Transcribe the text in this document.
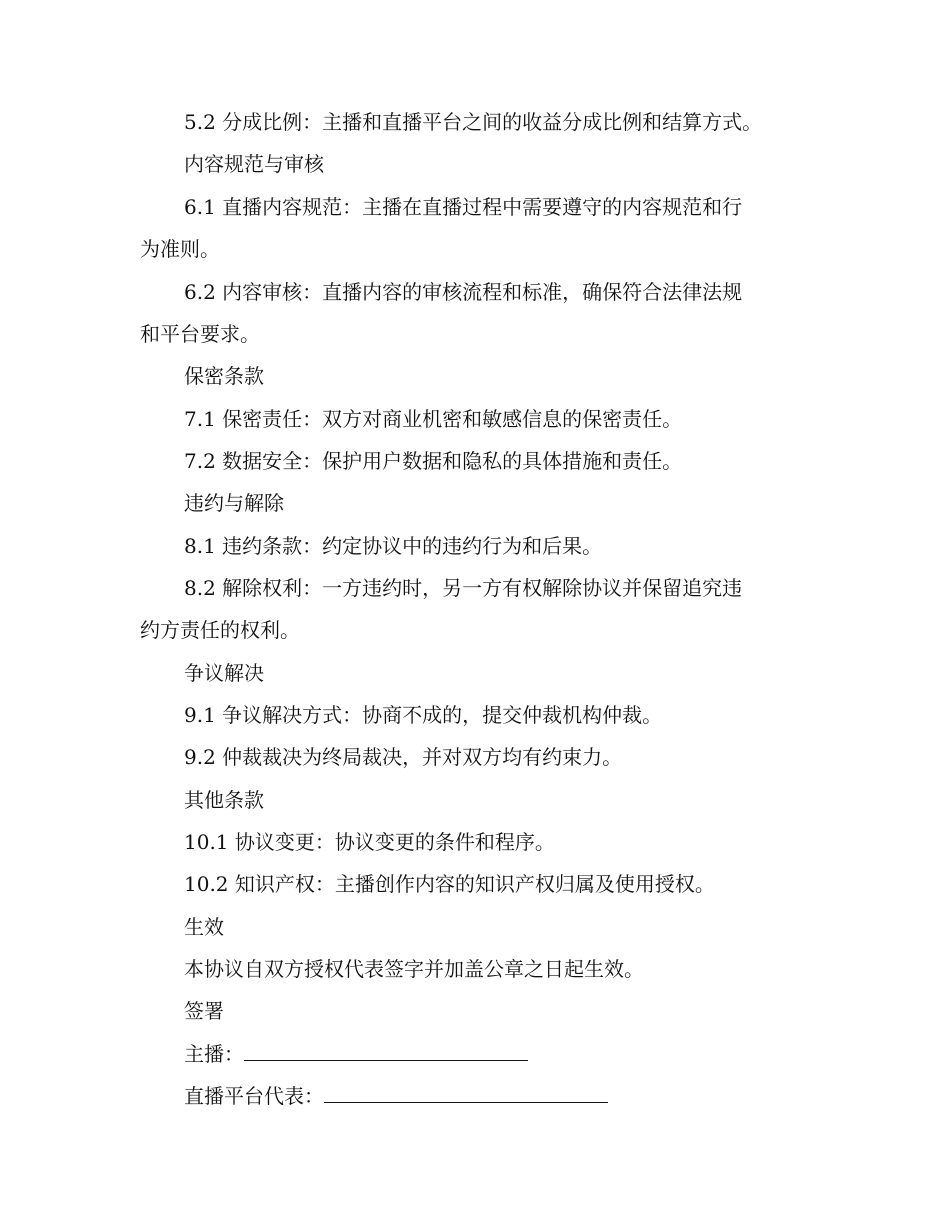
5.2 分成比例：主播和直播平台之间的收益分成比例和结算方式。
内容规范与审核
6.1 直播内容规范：主播在直播过程中需要遵守的内容规范和行
为准则。
6.2 内容审核：直播内容的审核流程和标准，确保符合法律法规
和平台要求。
保密条款
7.1 保密责任：双方对商业机密和敏感信息的保密责任。
7.2 数据安全：保护用户数据和隐私的具体措施和责任。
违约与解除
8.1 违约条款：约定协议中的违约行为和后果。
8.2 解除权利：一方违约时，另一方有权解除协议并保留追究违
约方责任的权利。
争议解决
9.1 争议解决方式：协商不成的，提交仲裁机构仲裁。
9.2 仲裁裁决为终局裁决，并对双方均有约束力。
其他条款
10.1 协议变更：协议变更的条件和程序。
10.2 知识产权：主播创作内容的知识产权归属及使用授权。
生效
本协议自双方授权代表签字并加盖公章之日起生效。
签署
主播：
直播平台代表：
